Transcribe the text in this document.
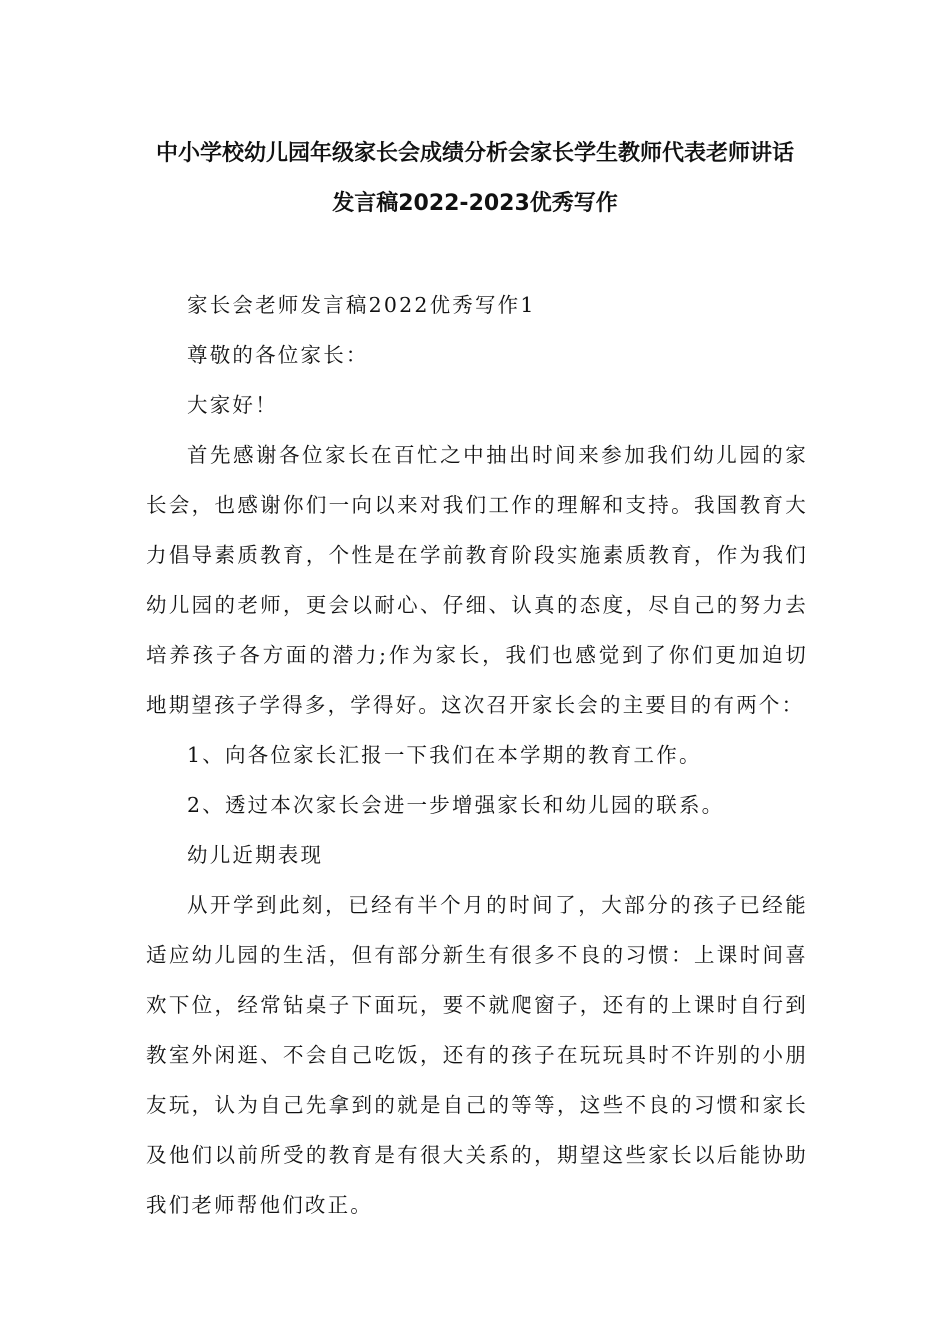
中小学校幼儿园年级家长会成绩分析会家长学生教师代表老师讲话
发言稿2022-2023优秀写作

家长会老师发言稿2022优秀写作1

尊敬的各位家长：

大家好！

首先感谢各位家长在百忙之中抽出时间来参加我们幼儿园的家长会，也感谢你们一向以来对我们工作的理解和支持。我国教育大力倡导素质教育，个性是在学前教育阶段实施素质教育，作为我们幼儿园的老师，更会以耐心、仔细、认真的态度，尽自己的努力去培养孩子各方面的潜力;作为家长，我们也感觉到了你们更加迫切地期望孩子学得多，学得好。这次召开家长会的主要目的有两个：

1、向各位家长汇报一下我们在本学期的教育工作。

2、透过本次家长会进一步增强家长和幼儿园的联系。

幼儿近期表现

从开学到此刻，已经有半个月的时间了，大部分的孩子已经能适应幼儿园的生活，但有部分新生有很多不良的习惯：上课时间喜欢下位，经常钻桌子下面玩，要不就爬窗子，还有的上课时自行到教室外闲逛、不会自己吃饭，还有的孩子在玩玩具时不许别的小朋友玩，认为自己先拿到的就是自己的等等，这些不良的习惯和家长及他们以前所受的教育是有很大关系的，期望这些家长以后能协助我们老师帮他们改正。
